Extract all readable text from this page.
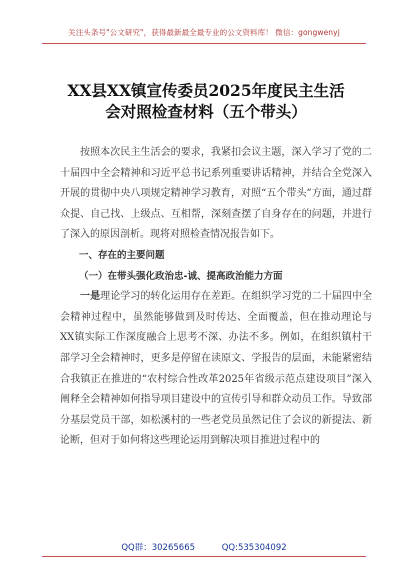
关注头条号"公文研究"，获得最新最全最专业的公文资料库！ 微信：gongwenyj
XX县XX镇宣传委员2025年度民主生活
会对照检查材料（五个带头）

按照本次民主生活会的要求，我紧扣会议主题，深入学习了党的二十届四中全会精神和习近平总书记系列重要讲话精神，并结合全党深入开展的贯彻中央八项规定精神学习教育，对照“五个带头”方面，通过群众提、自己找、上级点、互相帮，深刻查摆了自身存在的问题，并进行了深入的原因剖析。现将对照检查情况报告如下。

一、存在的主要问题

（一）在带头强化政治忠-诚、提高政治能力方面

一是理论学习的转化运用存在差距。在组织学习党的二十届四中全会精神过程中，虽然能够做到及时传达、全面覆盖，但在推动理论与XX镇实际工作深度融合上思考不深、办法不多。例如，在组织镇村干部学习全会精神时，更多是停留在读原文、学报告的层面，未能紧密结合我镇正在推进的“农村综合性改革2025年省级示范点建设项目”深入阐释全会精神如何指导项目建设中的宣传引导和群众动员工作。导致部分基层党员干部，如松溪村的一些老党员虽然记住了会议的新提法、新论断，但对于如何将这些理论运用到解决项目推进过程中的

QQ群：30265665	QQ:535304092
